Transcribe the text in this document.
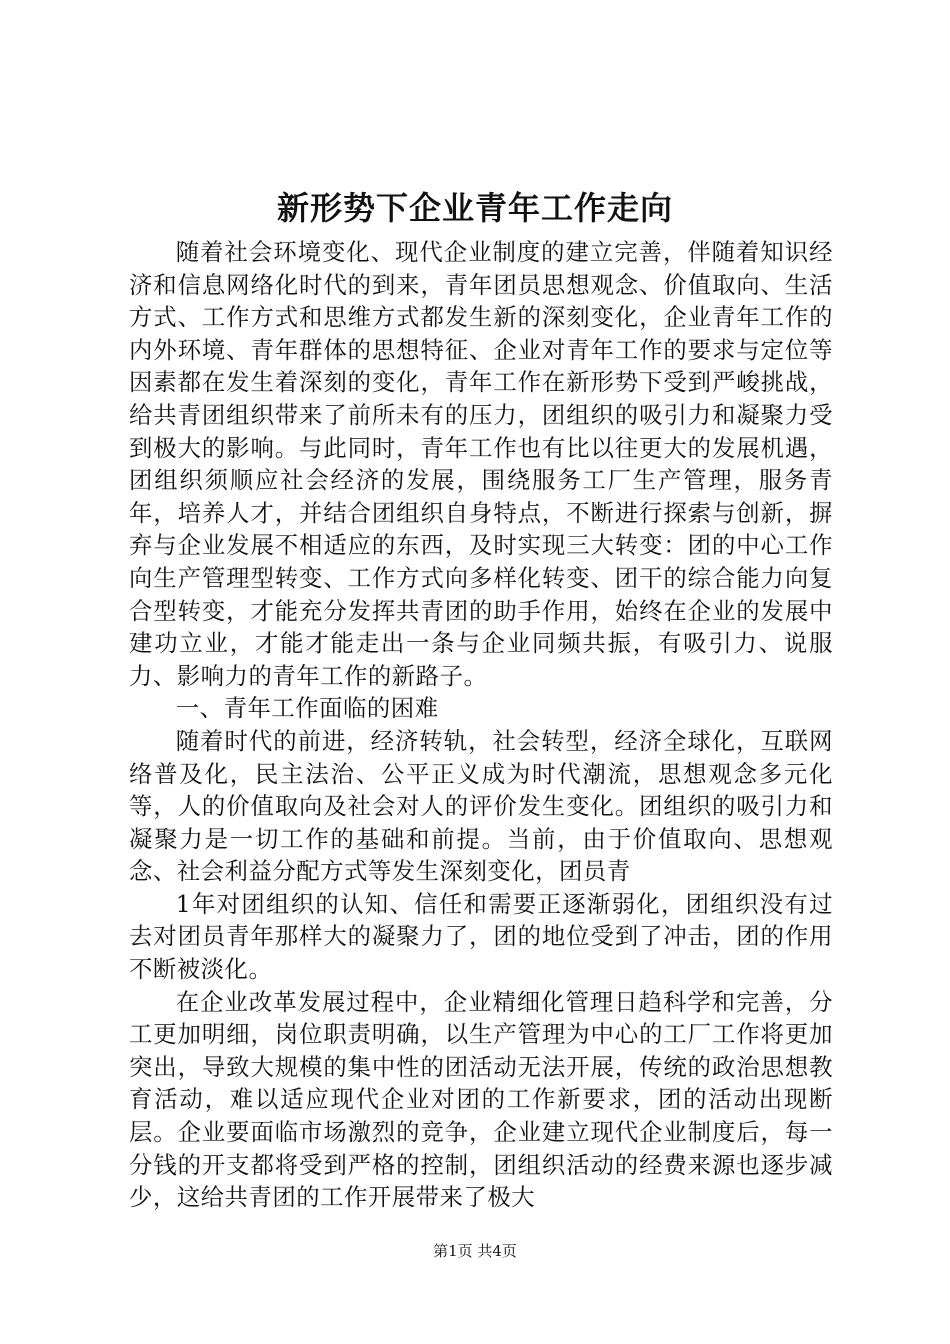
新形势下企业青年工作走向

随着社会环境变化、现代企业制度的建立完善，伴随着知识经济和信息网络化时代的到来，青年团员思想观念、价值取向、生活方式、工作方式和思维方式都发生新的深刻变化，企业青年工作的内外环境、青年群体的思想特征、企业对青年工作的要求与定位等因素都在发生着深刻的变化，青年工作在新形势下受到严峻挑战，给共青团组织带来了前所未有的压力，团组织的吸引力和凝聚力受到极大的影响。与此同时，青年工作也有比以往更大的发展机遇，团组织须顺应社会经济的发展，围绕服务工厂生产管理，服务青年，培养人才，并结合团组织自身特点，不断进行探索与创新，摒弃与企业发展不相适应的东西，及时实现三大转变：团的中心工作向生产管理型转变、工作方式向多样化转变、团干的综合能力向复合型转变，才能充分发挥共青团的助手作用，始终在企业的发展中建功立业，才能才能走出一条与企业同频共振，有吸引力、说服力、影响力的青年工作的新路子。

一、青年工作面临的困难

随着时代的前进，经济转轨，社会转型，经济全球化，互联网络普及化，民主法治、公平正义成为时代潮流，思想观念多元化等，人的价值取向及社会对人的评价发生变化。团组织的吸引力和凝聚力是一切工作的基础和前提。当前，由于价值取向、思想观念、社会利益分配方式等发生深刻变化，团员青

1年对团组织的认知、信任和需要正逐渐弱化，团组织没有过去对团员青年那样大的凝聚力了，团的地位受到了冲击，团的作用不断被淡化。

在企业改革发展过程中，企业精细化管理日趋科学和完善，分工更加明细，岗位职责明确，以生产管理为中心的工厂工作将更加突出，导致大规模的集中性的团活动无法开展，传统的政治思想教育活动，难以适应现代企业对团的工作新要求，团的活动出现断层。企业要面临市场激烈的竞争，企业建立现代企业制度后，每一分钱的开支都将受到严格的控制，团组织活动的经费来源也逐步减少，这给共青团的工作开展带来了极大

第1页 共4页
